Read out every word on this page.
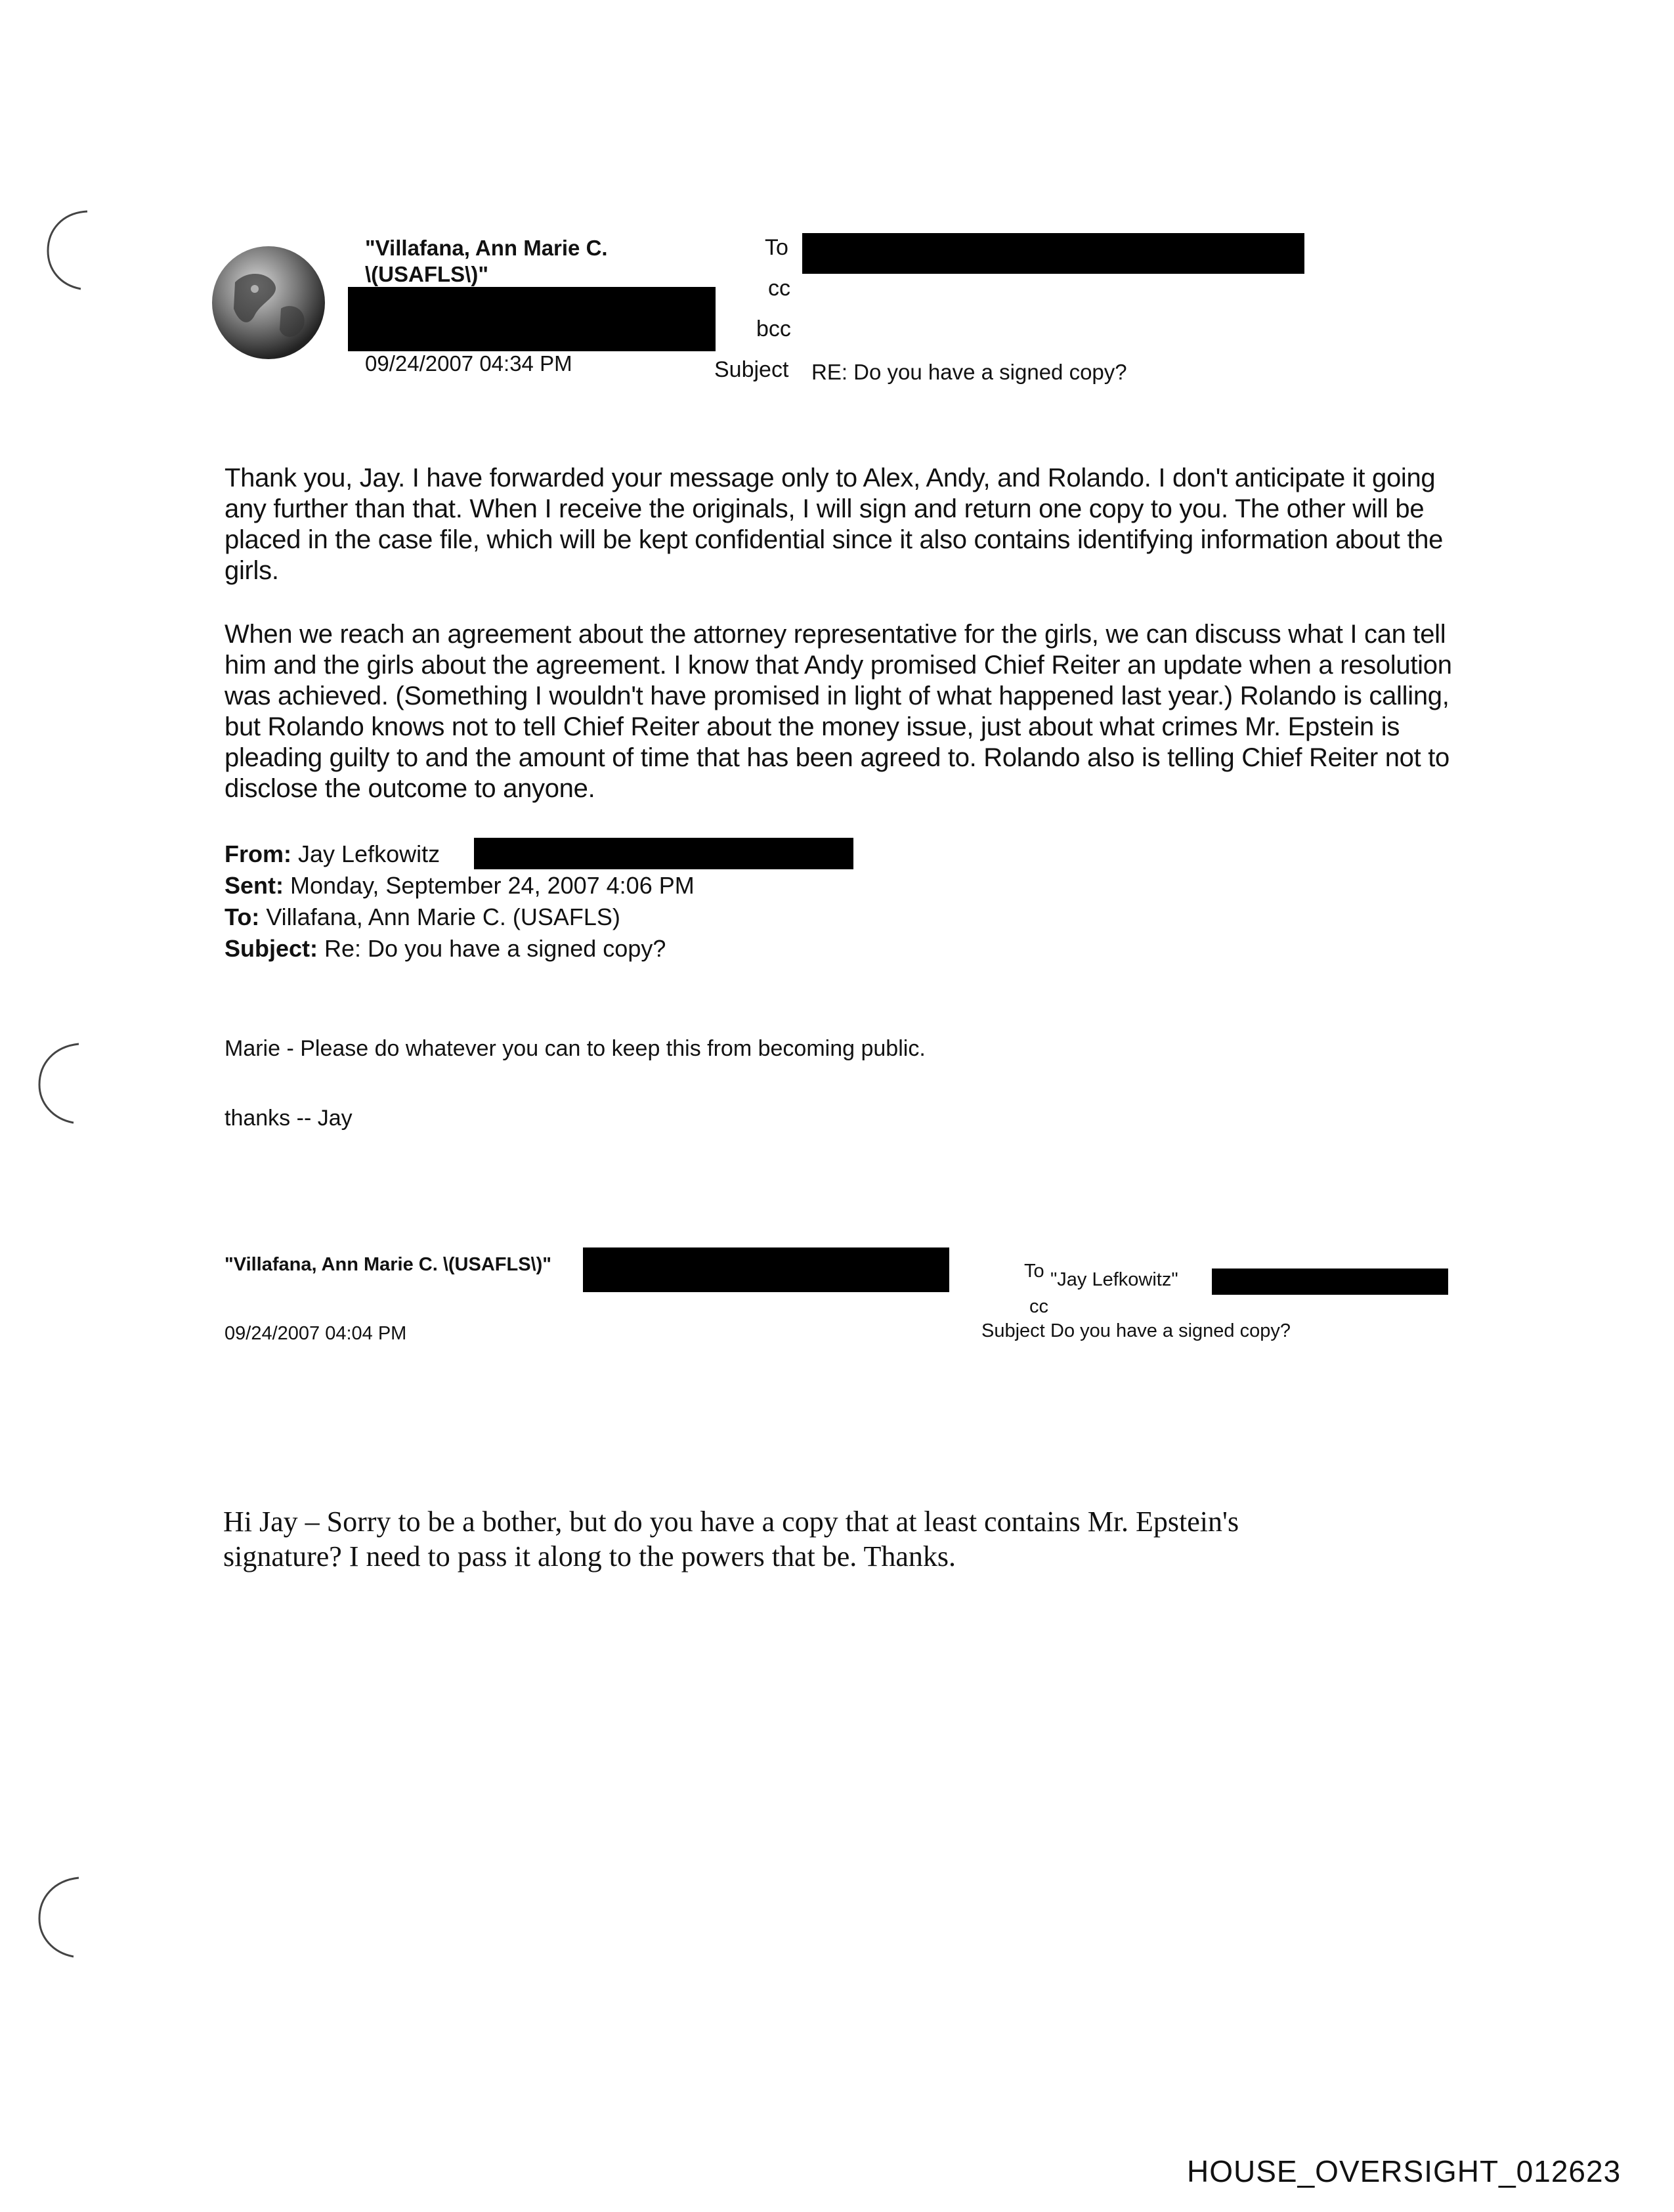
"Villafana, Ann Marie C.
\(USAFLS\)"
09/24/2007 04:34 PM
To
cc
bcc
Subject RE: Do you have a signed copy?
Thank you, Jay. I have forwarded your message only to Alex, Andy, and Rolando. I don't anticipate it going any further than that. When I receive the originals, I will sign and return one copy to you. The other will be placed in the case file, which will be kept confidential since it also contains identifying information about the girls.
When we reach an agreement about the attorney representative for the girls, we can discuss what I can tell him and the girls about the agreement. I know that Andy promised Chief Reiter an update when a resolution was achieved. (Something I wouldn't have promised in light of what happened last year.) Rolando is calling, but Rolando knows not to tell Chief Reiter about the money issue, just about what crimes Mr. Epstein is pleading guilty to and the amount of time that has been agreed to. Rolando also is telling Chief Reiter not to disclose the outcome to anyone.
From: Jay Lefkowitz
Sent: Monday, September 24, 2007 4:06 PM
To: Villafana, Ann Marie C. (USAFLS)
Subject: Re: Do you have a signed copy?
Marie - Please do whatever you can to keep this from becoming public.
thanks -- Jay
"Villafana, Ann Marie C. \(USAFLS\)"
09/24/2007 04:04 PM
To "Jay Lefkowitz"
cc
Subject Do you have a signed copy?
Hi Jay – Sorry to be a bother, but do you have a copy that at least contains Mr. Epstein's signature? I need to pass it along to the powers that be. Thanks.
HOUSE_OVERSIGHT_012623
